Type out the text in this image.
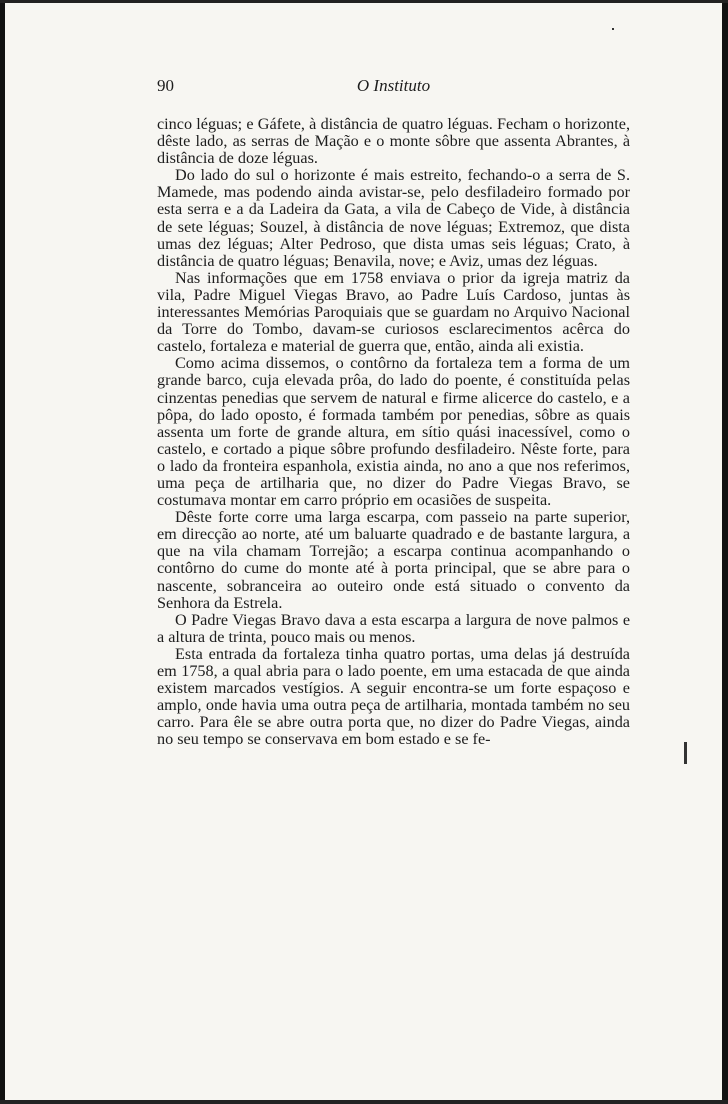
90	O Instituto

cinco léguas; e Gáfete, à distância de quatro léguas. Fecham o horizonte, dêste lado, as serras de Mação e o monte sôbre que assenta Abrantes, à distância de doze léguas.

Do lado do sul o horizonte é mais estreito, fechando-o a serra de S. Mamede, mas podendo ainda avistar-se, pelo desfiladeiro formado por esta serra e a da Ladeira da Gata, a vila de Cabeço de Vide, à distância de sete léguas; Souzel, à distância de nove léguas; Extremoz, que dista umas dez léguas; Alter Pedroso, que dista umas seis léguas; Crato, à distância de quatro léguas; Benavila, nove; e Aviz, umas dez léguas.

Nas informações que em 1758 enviava o prior da igreja matriz da vila, Padre Miguel Viegas Bravo, ao Padre Luís Cardoso, juntas às interessantes Memórias Paroquiais que se guardam no Arquivo Nacional da Torre do Tombo, davam-se curiosos esclarecimentos acêrca do castelo, fortaleza e material de guerra que, então, ainda ali existia.

Como acima dissemos, o contôrno da fortaleza tem a forma de um grande barco, cuja elevada prôa, do lado do poente, é constituída pelas cinzentas penedias que servem de natural e firme alicerce do castelo, e a pôpa, do lado oposto, é formada também por penedias, sôbre as quais assenta um forte de grande altura, em sítio quási inacessível, como o castelo, e cortado a pique sôbre profundo desfiladeiro. Nêste forte, para o lado da fronteira espanhola, existia ainda, no ano a que nos referimos, uma peça de artilharia que, no dizer do Padre Viegas Bravo, se costumava montar em carro próprio em ocasiões de suspeita.

Dêste forte corre uma larga escarpa, com passeio na parte superior, em direcção ao norte, até um baluarte quadrado e de bastante largura, a que na vila chamam Torrejão; a escarpa continua acompanhando o contôrno do cume do monte até à porta principal, que se abre para o nascente, sobranceira ao outeiro onde está situado o convento da Senhora da Estrela.

O Padre Viegas Bravo dava a esta escarpa a largura de nove palmos e a altura de trinta, pouco mais ou menos.

Esta entrada da fortaleza tinha quatro portas, uma delas já destruída em 1758, a qual abria para o lado poente, em uma estacada de que ainda existem marcados vestígios. A seguir encontra-se um forte espaçoso e amplo, onde havia uma outra peça de artilharia, montada também no seu carro. Para êle se abre outra porta que, no dizer do Padre Viegas, ainda no seu tempo se conservava em bom estado e se fe-
